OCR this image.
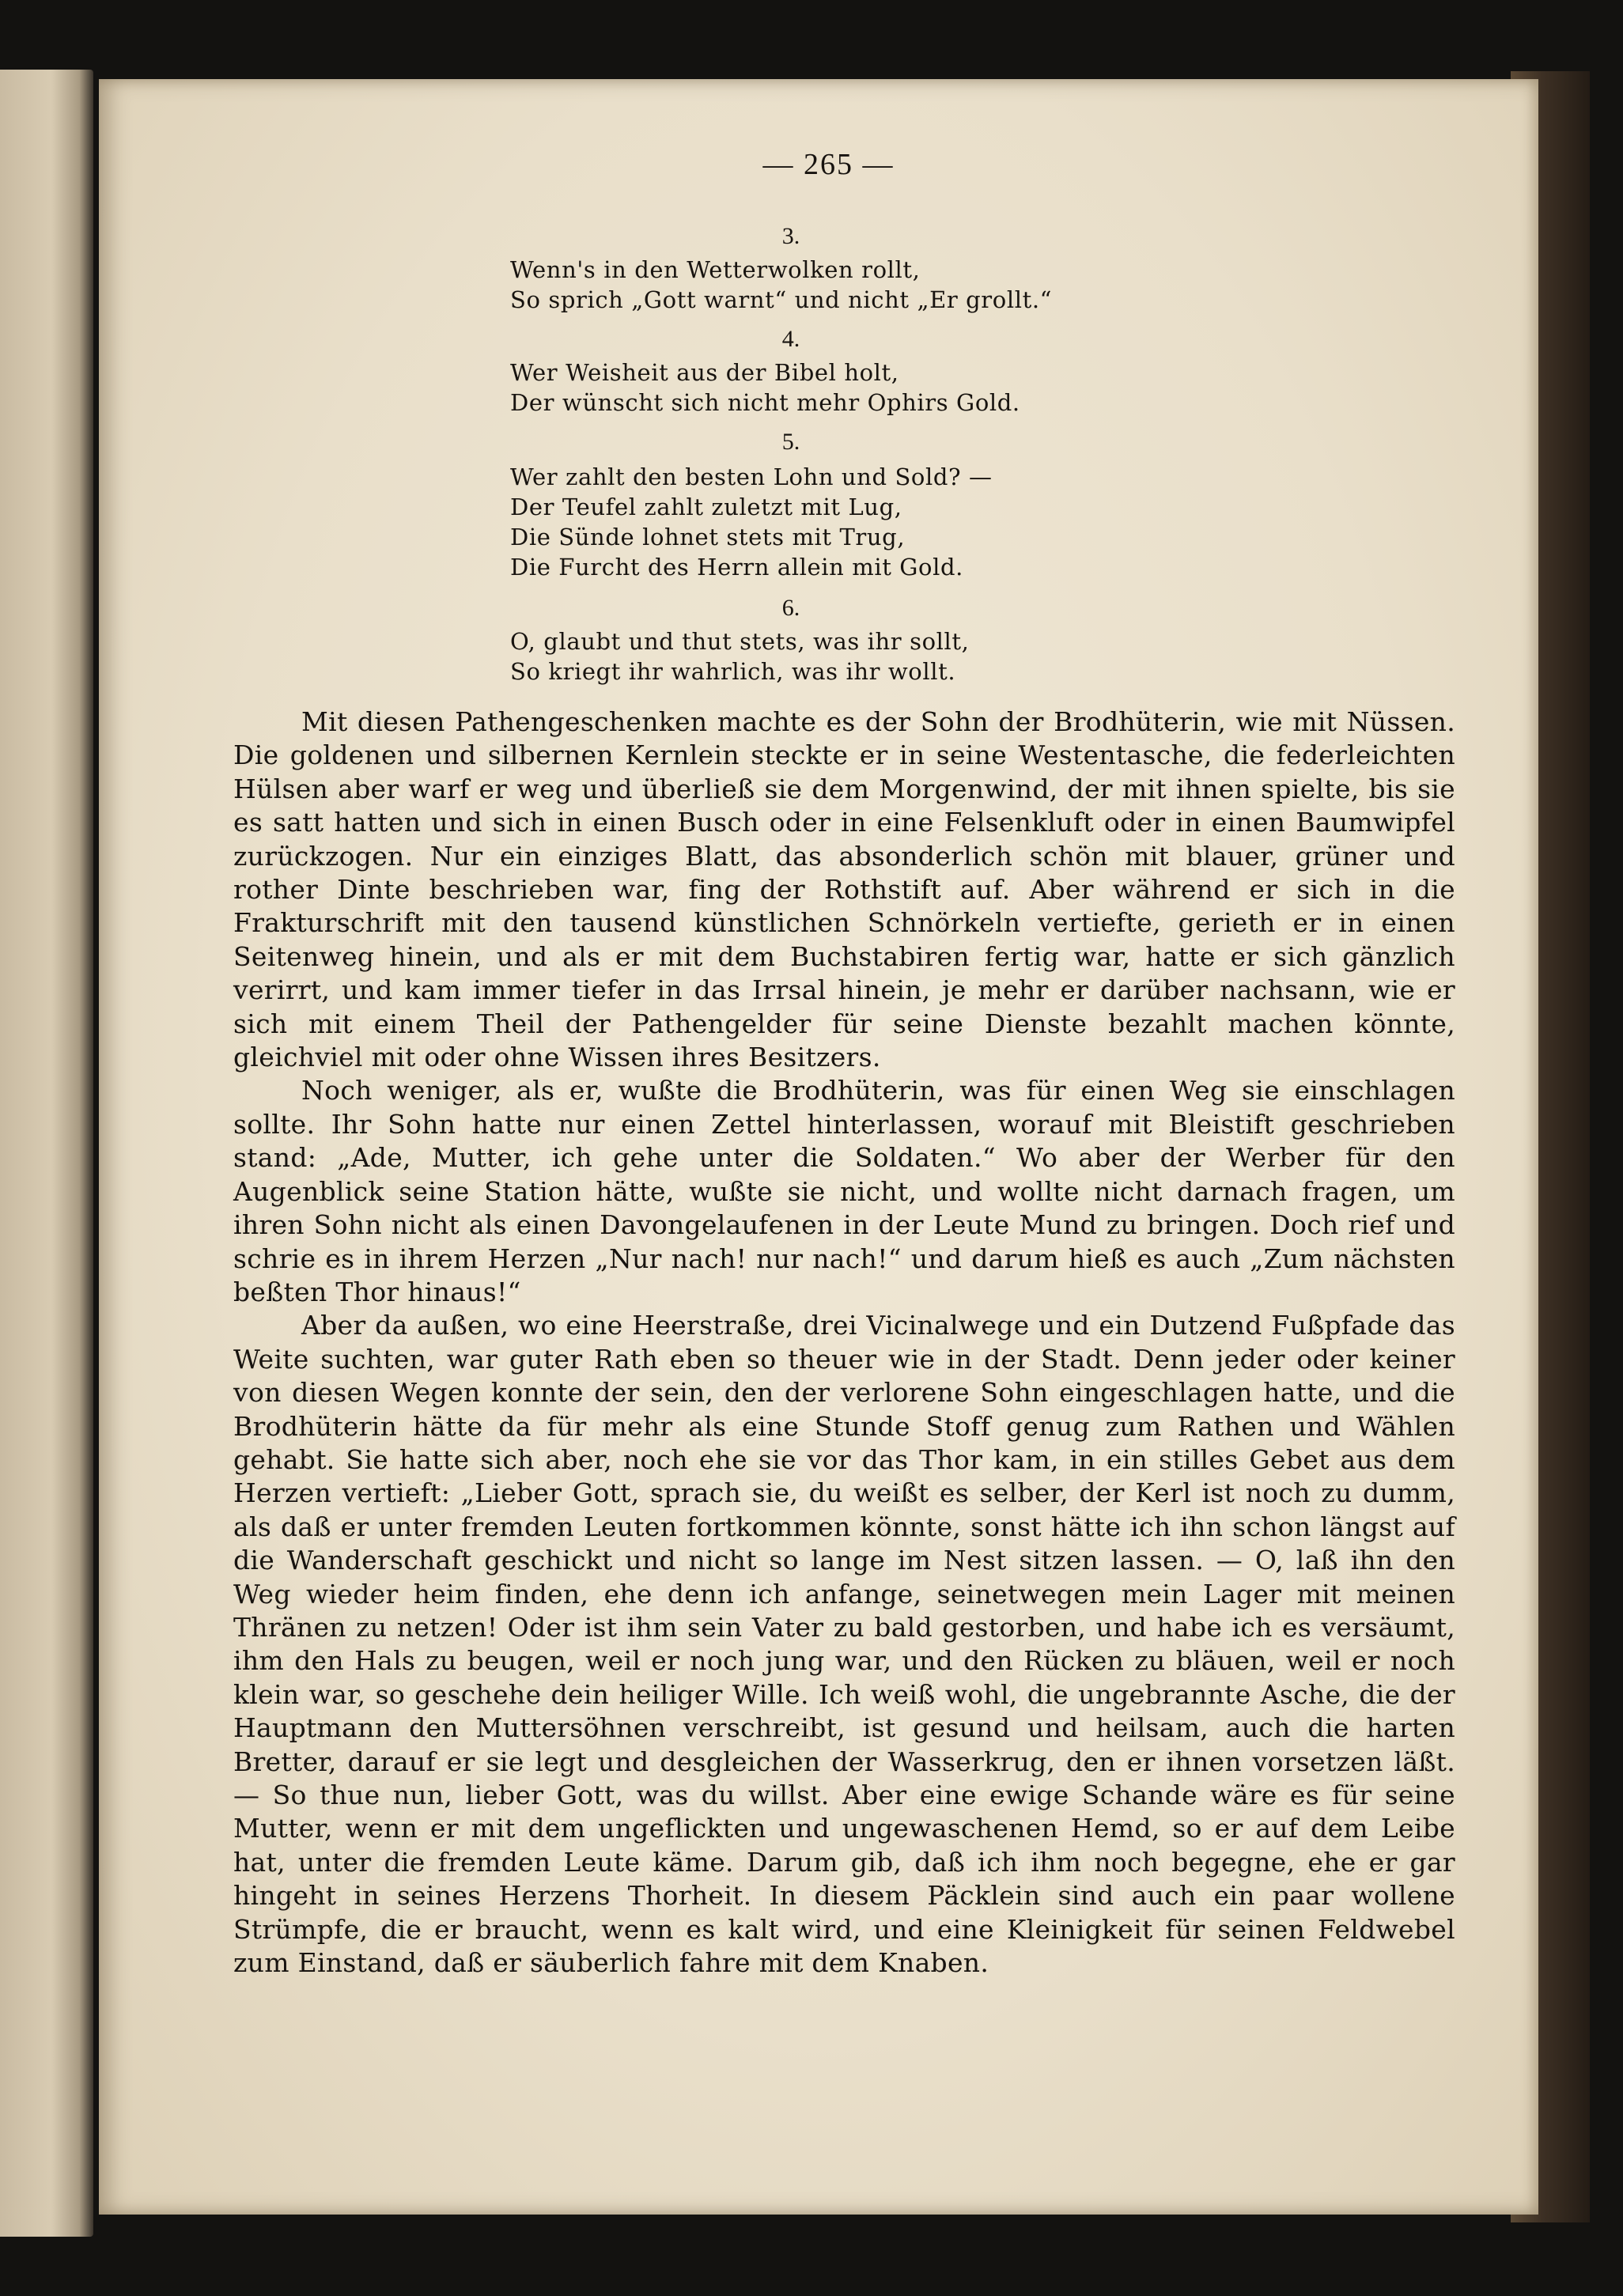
— 265 —
3.
Wenn's in den Wetterwolken rollt,
So sprich „Gott warnt“ und nicht „Er grollt.“
4.
Wer Weisheit aus der Bibel holt,
Der wünscht sich nicht mehr Ophirs Gold.
5.
Wer zahlt den besten Lohn und Sold? —
Der Teufel zahlt zuletzt mit Lug,
Die Sünde lohnet stets mit Trug,
Die Furcht des Herrn allein mit Gold.
6.
O, glaubt und thut stets, was ihr sollt,
So kriegt ihr wahrlich, was ihr wollt.

Mit diesen Pathengeschenken machte es der Sohn der Brodhüterin, wie mit Nüssen. Die goldenen und silbernen Kernlein steckte er in seine Westentasche, die federleichten Hülsen aber warf er weg und überließ sie dem Morgenwind, der mit ihnen spielte, bis sie es satt hatten und sich in einen Busch oder in eine Felsenkluft oder in einen Baumwipfel zurückzogen. Nur ein einziges Blatt, das absonderlich schön mit blauer, grüner und rother Dinte beschrieben war, fing der Rothstift auf. Aber während er sich in die Frakturschrift mit den tausend künstlichen Schnörkeln vertiefte, gerieth er in einen Seitenweg hinein, und als er mit dem Buchstabiren fertig war, hatte er sich gänzlich verirrt, und kam immer tiefer in das Irrsal hinein, je mehr er darüber nachsann, wie er sich mit einem Theil der Pathengelder für seine Dienste bezahlt machen könnte, gleichviel mit oder ohne Wissen ihres Besitzers.

Noch weniger, als er, wußte die Brodhüterin, was für einen Weg sie einschlagen sollte. Ihr Sohn hatte nur einen Zettel hinterlassen, worauf mit Bleistift geschrieben stand: „Ade, Mutter, ich gehe unter die Soldaten.“ Wo aber der Werber für den Augenblick seine Station hätte, wußte sie nicht, und wollte nicht darnach fragen, um ihren Sohn nicht als einen Davongelaufenen in der Leute Mund zu bringen. Doch rief und schrie es in ihrem Herzen „Nur nach! nur nach!“ und darum hieß es auch „Zum nächsten beßten Thor hinaus!“

Aber da außen, wo eine Heerstraße, drei Vicinalwege und ein Dutzend Fußpfade das Weite suchten, war guter Rath eben so theuer wie in der Stadt. Denn jeder oder keiner von diesen Wegen konnte der sein, den der verlorene Sohn eingeschlagen hatte, und die Brodhüterin hätte da für mehr als eine Stunde Stoff genug zum Rathen und Wählen gehabt. Sie hatte sich aber, noch ehe sie vor das Thor kam, in ein stilles Gebet aus dem Herzen vertieft: „Lieber Gott, sprach sie, du weißt es selber, der Kerl ist noch zu dumm, als daß er unter fremden Leuten fortkommen könnte, sonst hätte ich ihn schon längst auf die Wanderschaft geschickt und nicht so lange im Nest sitzen lassen. — O, laß ihn den Weg wieder heim finden, ehe denn ich anfange, seinetwegen mein Lager mit meinen Thränen zu netzen! Oder ist ihm sein Vater zu bald gestorben, und habe ich es versäumt, ihm den Hals zu beugen, weil er noch jung war, und den Rücken zu bläuen, weil er noch klein war, so geschehe dein heiliger Wille. Ich weiß wohl, die ungebrannte Asche, die der Hauptmann den Muttersöhnen verschreibt, ist gesund und heilsam, auch die harten Bretter, darauf er sie legt und desgleichen der Wasserkrug, den er ihnen vorsetzen läßt. — So thue nun, lieber Gott, was du willst. Aber eine ewige Schande wäre es für seine Mutter, wenn er mit dem ungeflickten und ungewaschenen Hemd, so er auf dem Leibe hat, unter die fremden Leute käme. Darum gib, daß ich ihm noch begegne, ehe er gar hingeht in seines Herzens Thorheit. In diesem Päcklein sind auch ein paar wollene Strümpfe, die er braucht, wenn es kalt wird, und eine Kleinigkeit für seinen Feldwebel zum Einstand, daß er säuberlich fahre mit dem Knaben.
